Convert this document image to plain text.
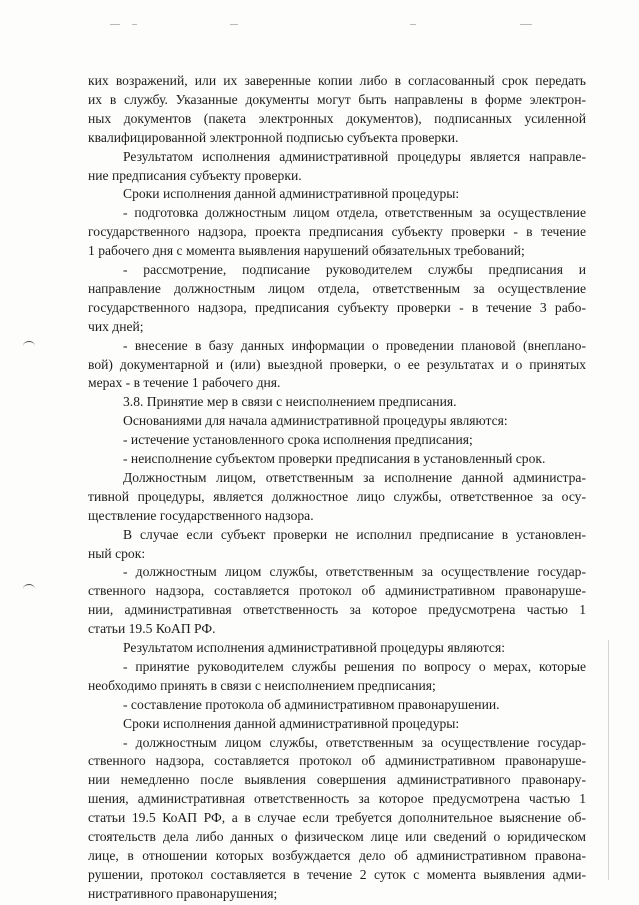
ких возражений, или их заверенные копии либо в согласованный срок передать

их в службу. Указанные документы могут быть направлены в форме электрон-

ных документов (пакета электронных документов), подписанных усиленной

квалифицированной электронной подписью субъекта проверки.

Результатом исполнения административной процедуры является направле-

ние предписания субъекту проверки.

Сроки исполнения данной административной процедуры:

- подготовка должностным лицом отдела, ответственным за осуществление

государственного надзора, проекта предписания субъекту проверки - в течение

1 рабочего дня с момента выявления нарушений обязательных требований;

- рассмотрение, подписание руководителем службы предписания и

направление должностным лицом отдела, ответственным за осуществление

государственного надзора, предписания субъекту проверки - в течение 3 рабо-

чих дней;

- внесение в базу данных информации о проведении плановой (внеплано-

вой) документарной и (или) выездной проверки, о ее результатах и о принятых

мерах - в течение 1 рабочего дня.

3.8. Принятие мер в связи с неисполнением предписания.

Основаниями для начала административной процедуры являются:

- истечение установленного срока исполнения предписания;

- неисполнение субъектом проверки предписания в установленный срок.

Должностным лицом, ответственным за исполнение данной администра-

тивной процедуры, является должностное лицо службы, ответственное за осу-

ществление государственного надзора.

В случае если субъект проверки не исполнил предписание в установлен-

ный срок:

- должностным лицом службы, ответственным за осуществление государ-

ственного надзора, составляется протокол об административном правонаруше-

нии, административная ответственность за которое предусмотрена частью 1

статьи 19.5 КоАП РФ.

Результатом исполнения административной процедуры являются:

- принятие руководителем службы решения по вопросу о мерах, которые

необходимо принять в связи с неисполнением предписания;

- составление протокола об административном правонарушении.

Сроки исполнения данной административной процедуры:

- должностным лицом службы, ответственным за осуществление государ-

ственного надзора, составляется протокол об административном правонаруше-

нии немедленно после выявления совершения административного правонару-

шения, административная ответственность за которое предусмотрена частью 1

статьи 19.5 КоАП РФ, а в случае если требуется дополнительное выяснение об-

стоятельств дела либо данных о физическом лице или сведений о юридическом

лице, в отношении которых возбуждается дело об административном правона-

рушении, протокол составляется в течение 2 суток с момента выявления адми-

нистративного правонарушения;
